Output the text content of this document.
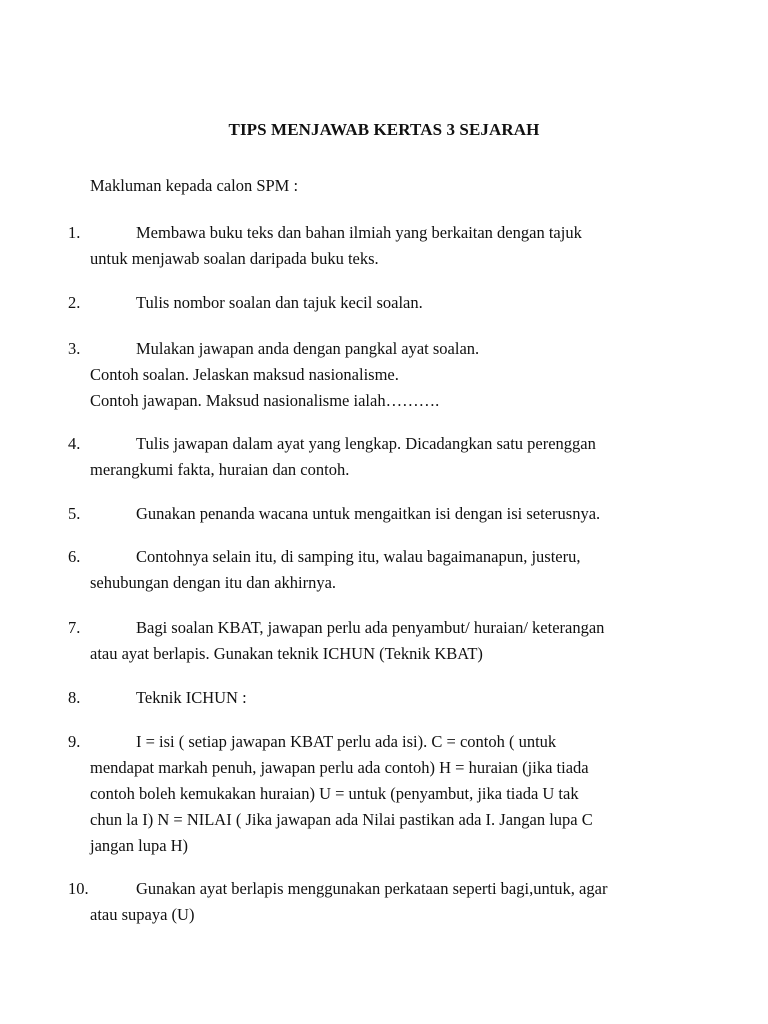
TIPS MENJAWAB KERTAS 3 SEJARAH
Makluman kepada calon SPM :
1.	Membawa buku teks dan bahan ilmiah yang berkaitan dengan tajuk
untuk menjawab soalan daripada buku teks.
2.	Tulis nombor soalan dan tajuk kecil soalan.
3.	Mulakan jawapan anda dengan pangkal ayat soalan.
Contoh soalan. Jelaskan maksud nasionalisme.
Contoh jawapan. Maksud nasionalisme ialah……….
4.	Tulis jawapan dalam ayat yang lengkap. Dicadangkan satu perenggan
merangkumi fakta, huraian dan contoh.
5.	Gunakan penanda wacana untuk mengaitkan isi dengan isi seterusnya.
6.	Contohnya selain itu, di samping itu, walau bagaimanapun, justeru,
sehubungan dengan itu dan akhirnya.
7.	Bagi soalan KBAT, jawapan perlu ada penyambut/ huraian/ keterangan
atau ayat berlapis. Gunakan teknik ICHUN (Teknik KBAT)
8.	Teknik ICHUN :
9.	I = isi ( setiap jawapan KBAT perlu ada isi). C = contoh ( untuk
mendapat markah penuh, jawapan perlu ada contoh) H = huraian (jika tiada
contoh boleh kemukakan huraian) U = untuk (penyambut, jika tiada U tak
chun la I) N = NILAI ( Jika jawapan ada Nilai pastikan ada I. Jangan lupa C
jangan lupa H)
10.	Gunakan ayat berlapis menggunakan perkataan seperti bagi,untuk, agar
atau supaya (U)
